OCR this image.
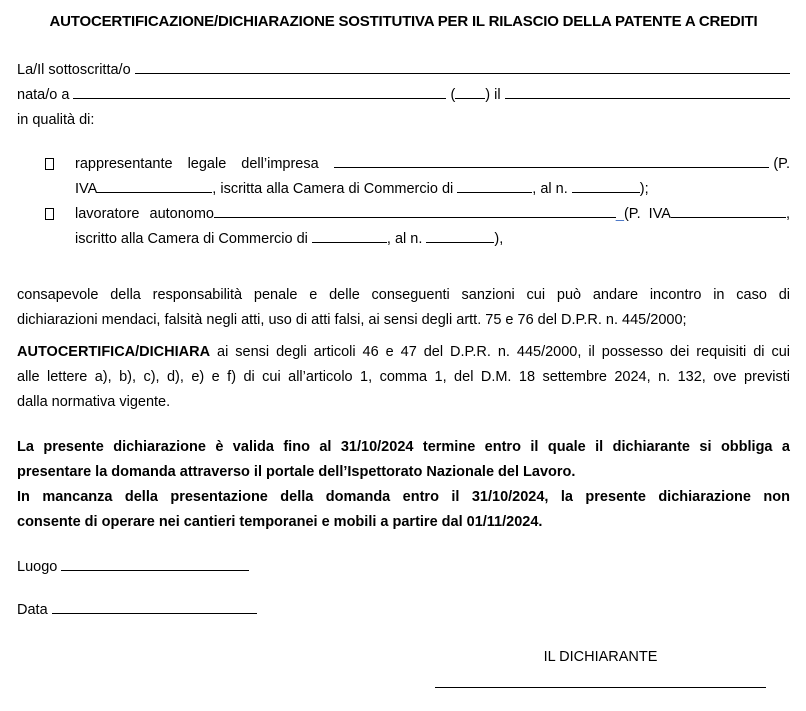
AUTOCERTIFICAZIONE/DICHIARAZIONE SOSTITUTIVA PER IL RILASCIO DELLA PATENTE A CREDITI
La/Il sottoscritta/o
nata/o a	( ) il
in qualità di:
rappresentante legale dell’impresa	(P.
IVA	, iscritta alla Camera di Commercio di	, al n.	);
lavoratore autonomo	_ (P.  IVA	,
iscritto alla Camera di Commercio di	, al n.	),
consapevole della responsabilità penale e delle conseguenti sanzioni cui può andare incontro in caso di
dichiarazioni mendaci, falsità negli atti, uso di atti falsi, ai sensi degli artt. 75 e 76 del D.P.R. n. 445/2000;
AUTOCERTIFICA/DICHIARA ai sensi degli articoli 46 e 47 del D.P.R. n. 445/2000, il possesso dei requisiti di cui
alle lettere a), b), c), d), e) e f) di cui all’articolo 1, comma 1, del D.M. 18 settembre 2024, n. 132, ove previsti
dalla normativa vigente.
La presente dichiarazione è valida fino al 31/10/2024 termine entro il quale il dichiarante si obbliga a
presentare la domanda attraverso il portale dell’Ispettorato Nazionale del Lavoro.
In mancanza della presentazione della domanda entro il 31/10/2024, la presente dichiarazione non
consente di operare nei cantieri temporanei e mobili a partire dal 01/11/2024.
Luogo
Data
IL DICHIARANTE
